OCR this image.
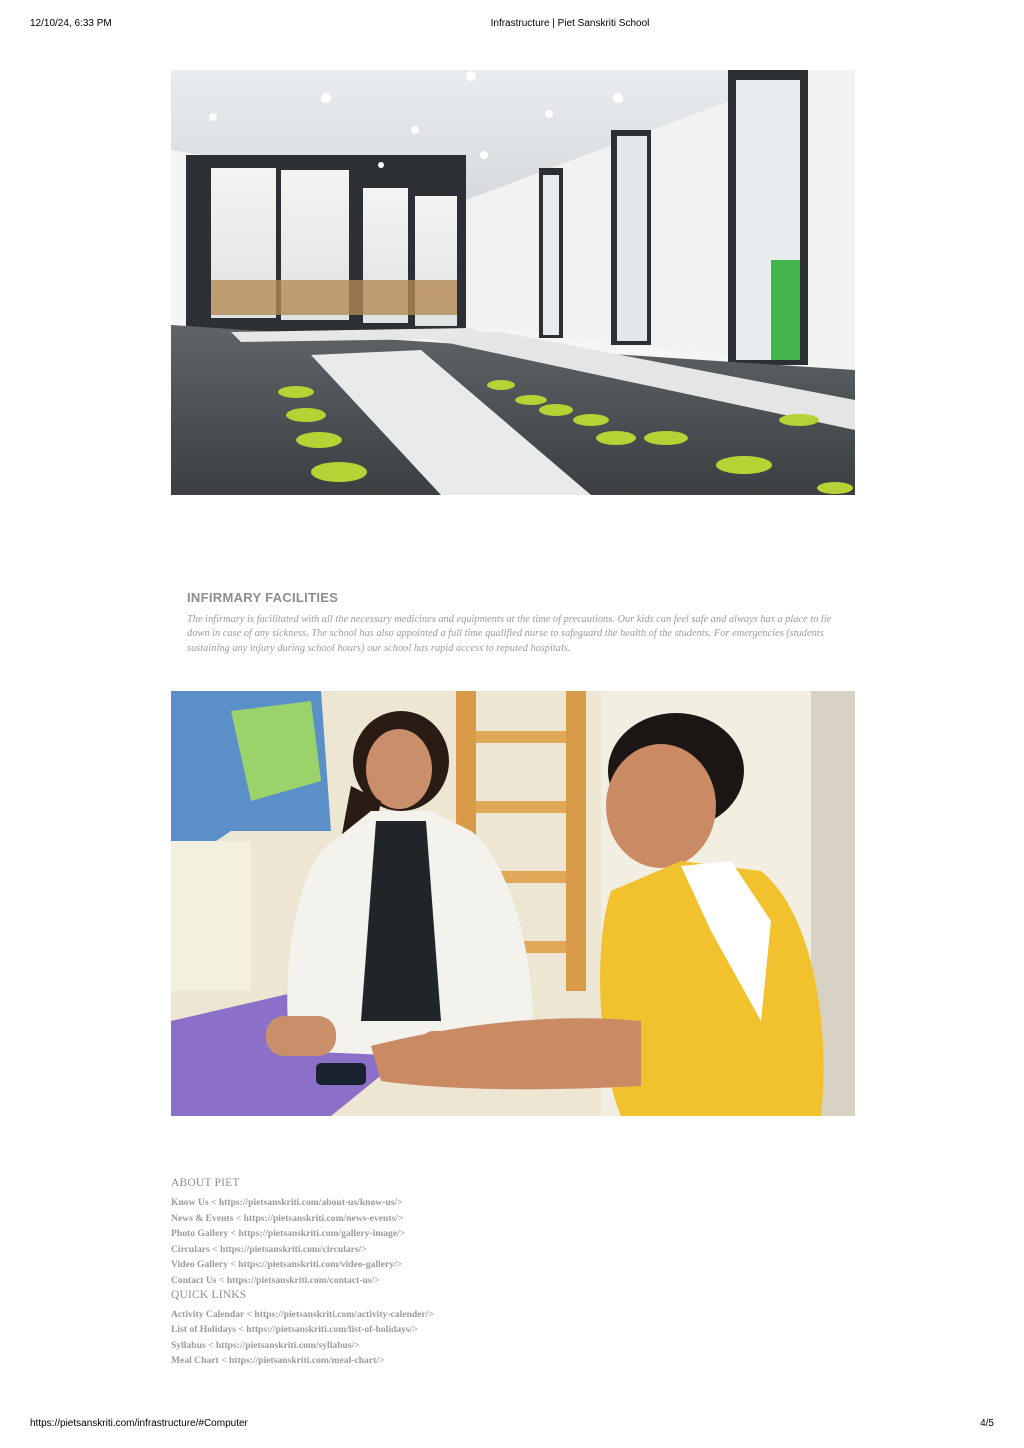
12/10/24, 6:33 PM	Infrastructure | Piet Sanskriti School
INFIRMARY FACILITIES

The infirmary is facilitated with all the necessary medicines and equipments at the time of precautions. Our kids can feel safe and always has a place to lie down in case of any sickness. The school has also appointed a full time qualified nurse to safeguard the health of the students. For emergencies (students sustaining any injury during school hours) our school has rapid access to reputed hospitals.

ABOUT PIET
Know Us < https://pietsanskriti.com/about-us/know-us/>
News & Events < https://pietsanskriti.com/news-events/>
Photo Gallery < https://pietsanskriti.com/gallery-image/>
Circulars < https://pietsanskriti.com/circulars/>
Video Gallery < https://pietsanskriti.com/video-gallery/>
Contact Us < https://pietsanskriti.com/contact-us/>
QUICK LINKS
Activity Calendar < https://pietsanskriti.com/activity-calender/>
List of Holidays < https://pietsanskriti.com/list-of-holidays/>
Syllabus < https://pietsanskriti.com/syllabus/>
Meal Chart < https://pietsanskriti.com/meal-chart/>
https://pietsanskriti.com/infrastructure/#Computer	4/5
